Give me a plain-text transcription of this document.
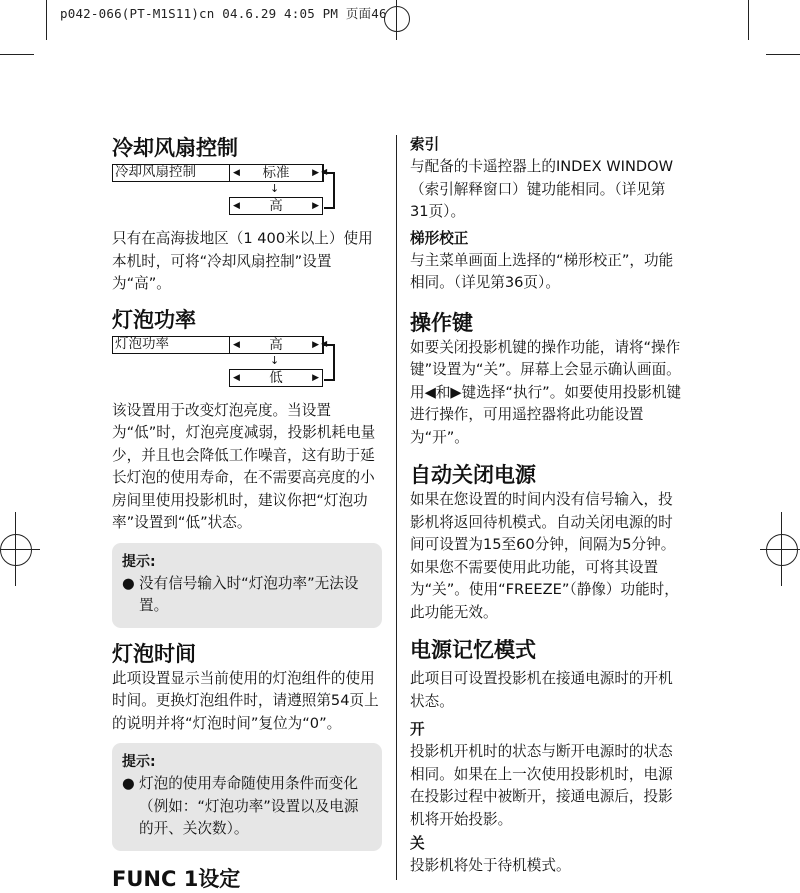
p042-066(PT-M1S11)cn 04.6.29 4:05 PM 页面46
冷却风扇控制
冷却风扇控制	◀ 标准	▶
↓
◀ 高	▶
◀

只有在高海拔地区（1 400米以上）使用本机时，可将“冷却风扇控制”设置为“高”。

灯泡功率
灯泡功率	◀ 高	▶
↓
◀ 低	▶
◀

该设置用于改变灯泡亮度。当设置为“低”时，灯泡亮度减弱，投影机耗电量少，并且也会降低工作噪音，这有助于延长灯泡的使用寿命，在不需要高亮度的小房间里使用投影机时，建议你把“灯泡功率”设置到“低”状态。

提示:
● 没有信号输入时“灯泡功率”无法设置。
灯泡时间

此项设置显示当前使用的灯泡组件的使用时间。更换灯泡组件时，请遵照第54页上的说明并将“灯泡时间”复位为“0”。

提示:
● 灯泡的使用寿命随使用条件而变化（例如：“灯泡功率”设置以及电源的开、关次数）。
FUNC 1设定
索引

与配备的卡遥控器上的INDEX WINDOW（索引解释窗口）键功能相同。（详见第31页）。

梯形校正

与主菜单画面上选择的“梯形校正”，功能相同。（详见第36页）。

操作键

如要关闭投影机键的操作功能，请将“操作键”设置为“关”。屏幕上会显示确认画面。用◀和▶键选择“执行”。如要使用投影机键进行操作，可用遥控器将此功能设置为“开”。

自动关闭电源

如果在您设置的时间内没有信号输入，投影机将返回待机模式。自动关闭电源的时间可设置为15至60分钟，间隔为5分钟。如果您不需要使用此功能，可将其设置为“关”。使用“FREEZE”（静像）功能时，此功能无效。

电源记忆模式

此项目可设置投影机在接通电源时的开机状态。

开

投影机开机时的状态与断开电源时的状态相同。如果在上一次使用投影机时，电源在投影过程中被断开，接通电源后，投影机将开始投影。

关

投影机将处于待机模式。
